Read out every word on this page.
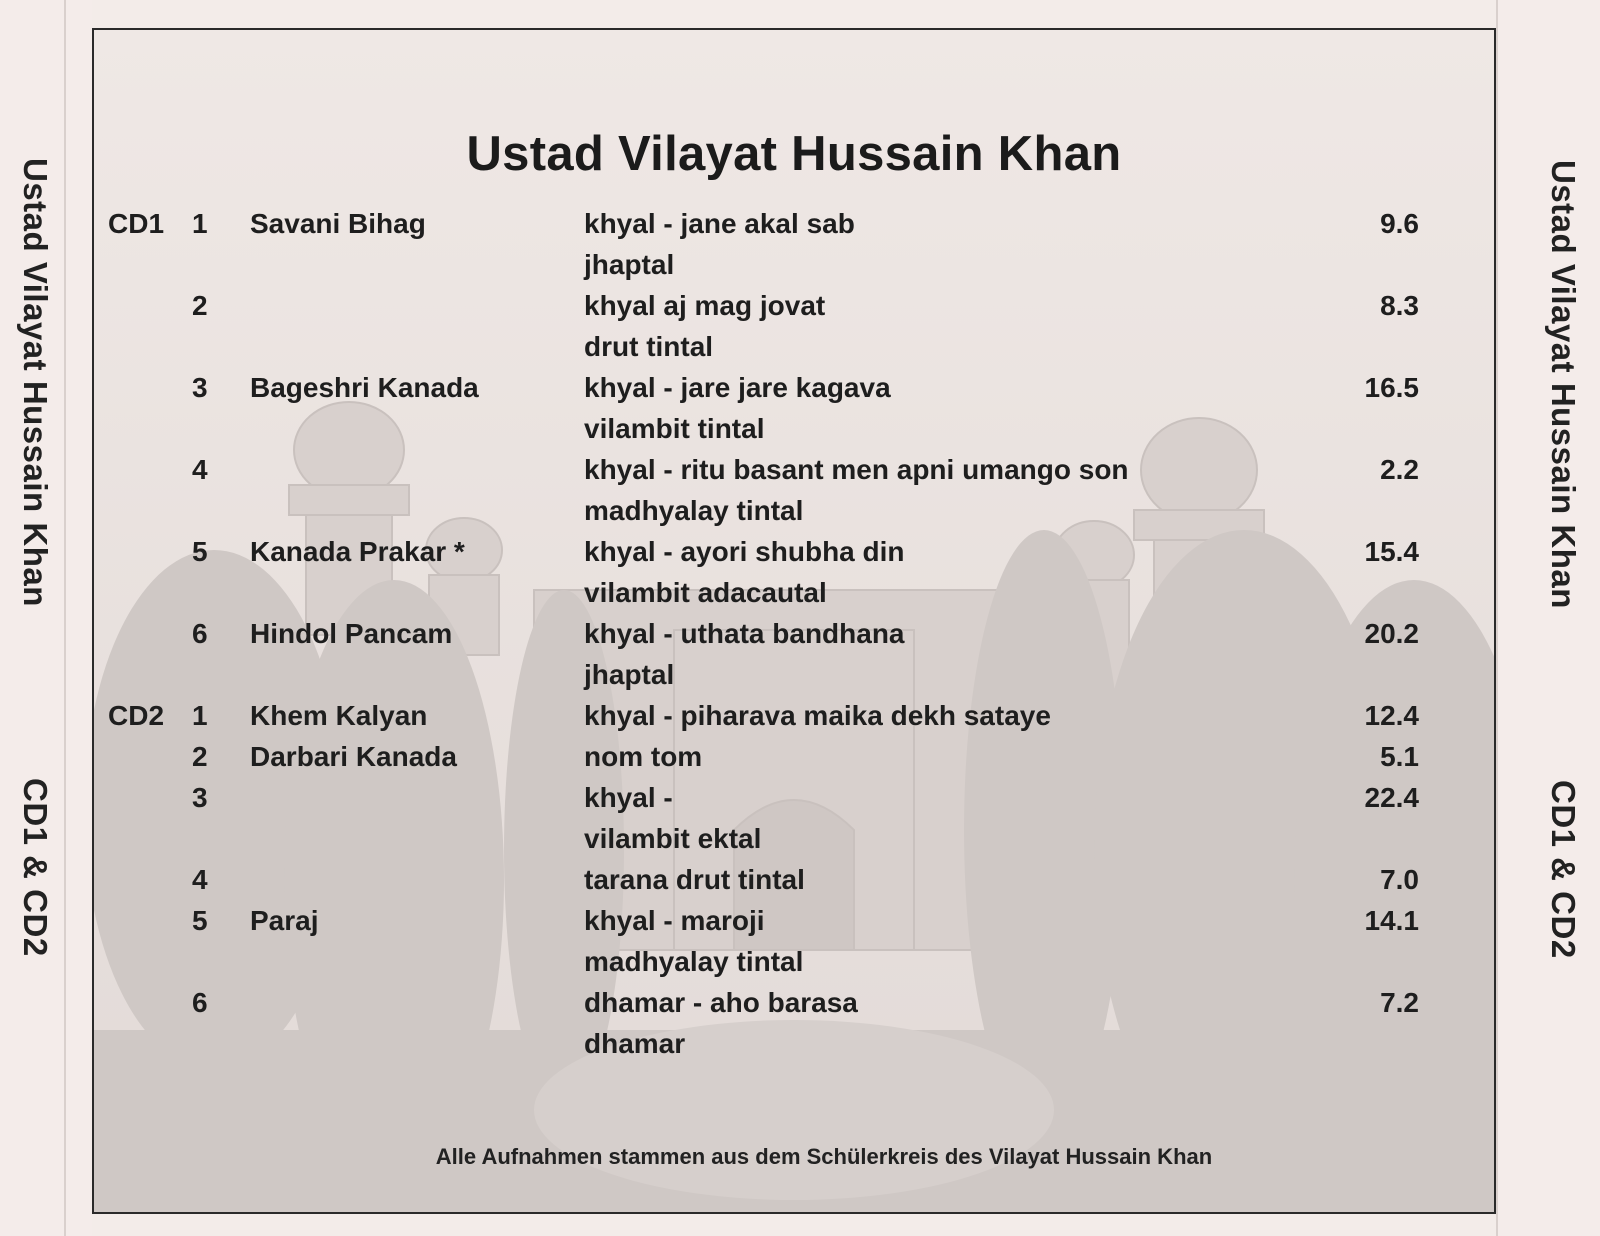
Ustad Vilayat Hussain Khan
CD1 & CD2
Ustad Vilayat Hussain Khan
CD1 & CD2
Ustad Vilayat Hussain Khan
CD1 1 Savani Bihag	khyal - jane akal sab	9.6
jhaptal
2	khyal aj mag jovat	8.3
drut tintal
3 Bageshri Kanada	khyal - jare jare kagava	16.5
vilambit tintal
4	khyal - ritu basant men apni umango son	2.2
madhyalay tintal
5 Kanada Prakar *	khyal - ayori shubha din	15.4
vilambit adacautal
6 Hindol Pancam	khyal - uthata bandhana	20.2
jhaptal
CD2 1 Khem Kalyan	khyal - piharava maika dekh sataye	12.4
2 Darbari Kanada	nom tom	5.1
3	khyal -	22.4
vilambit ektal
4	tarana drut tintal	7.0
5 Paraj	khyal - maroji	14.1
madhyalay tintal
6	dhamar - aho barasa	7.2
dhamar
Alle Aufnahmen stammen aus dem Schülerkreis des Vilayat Hussain Khan
